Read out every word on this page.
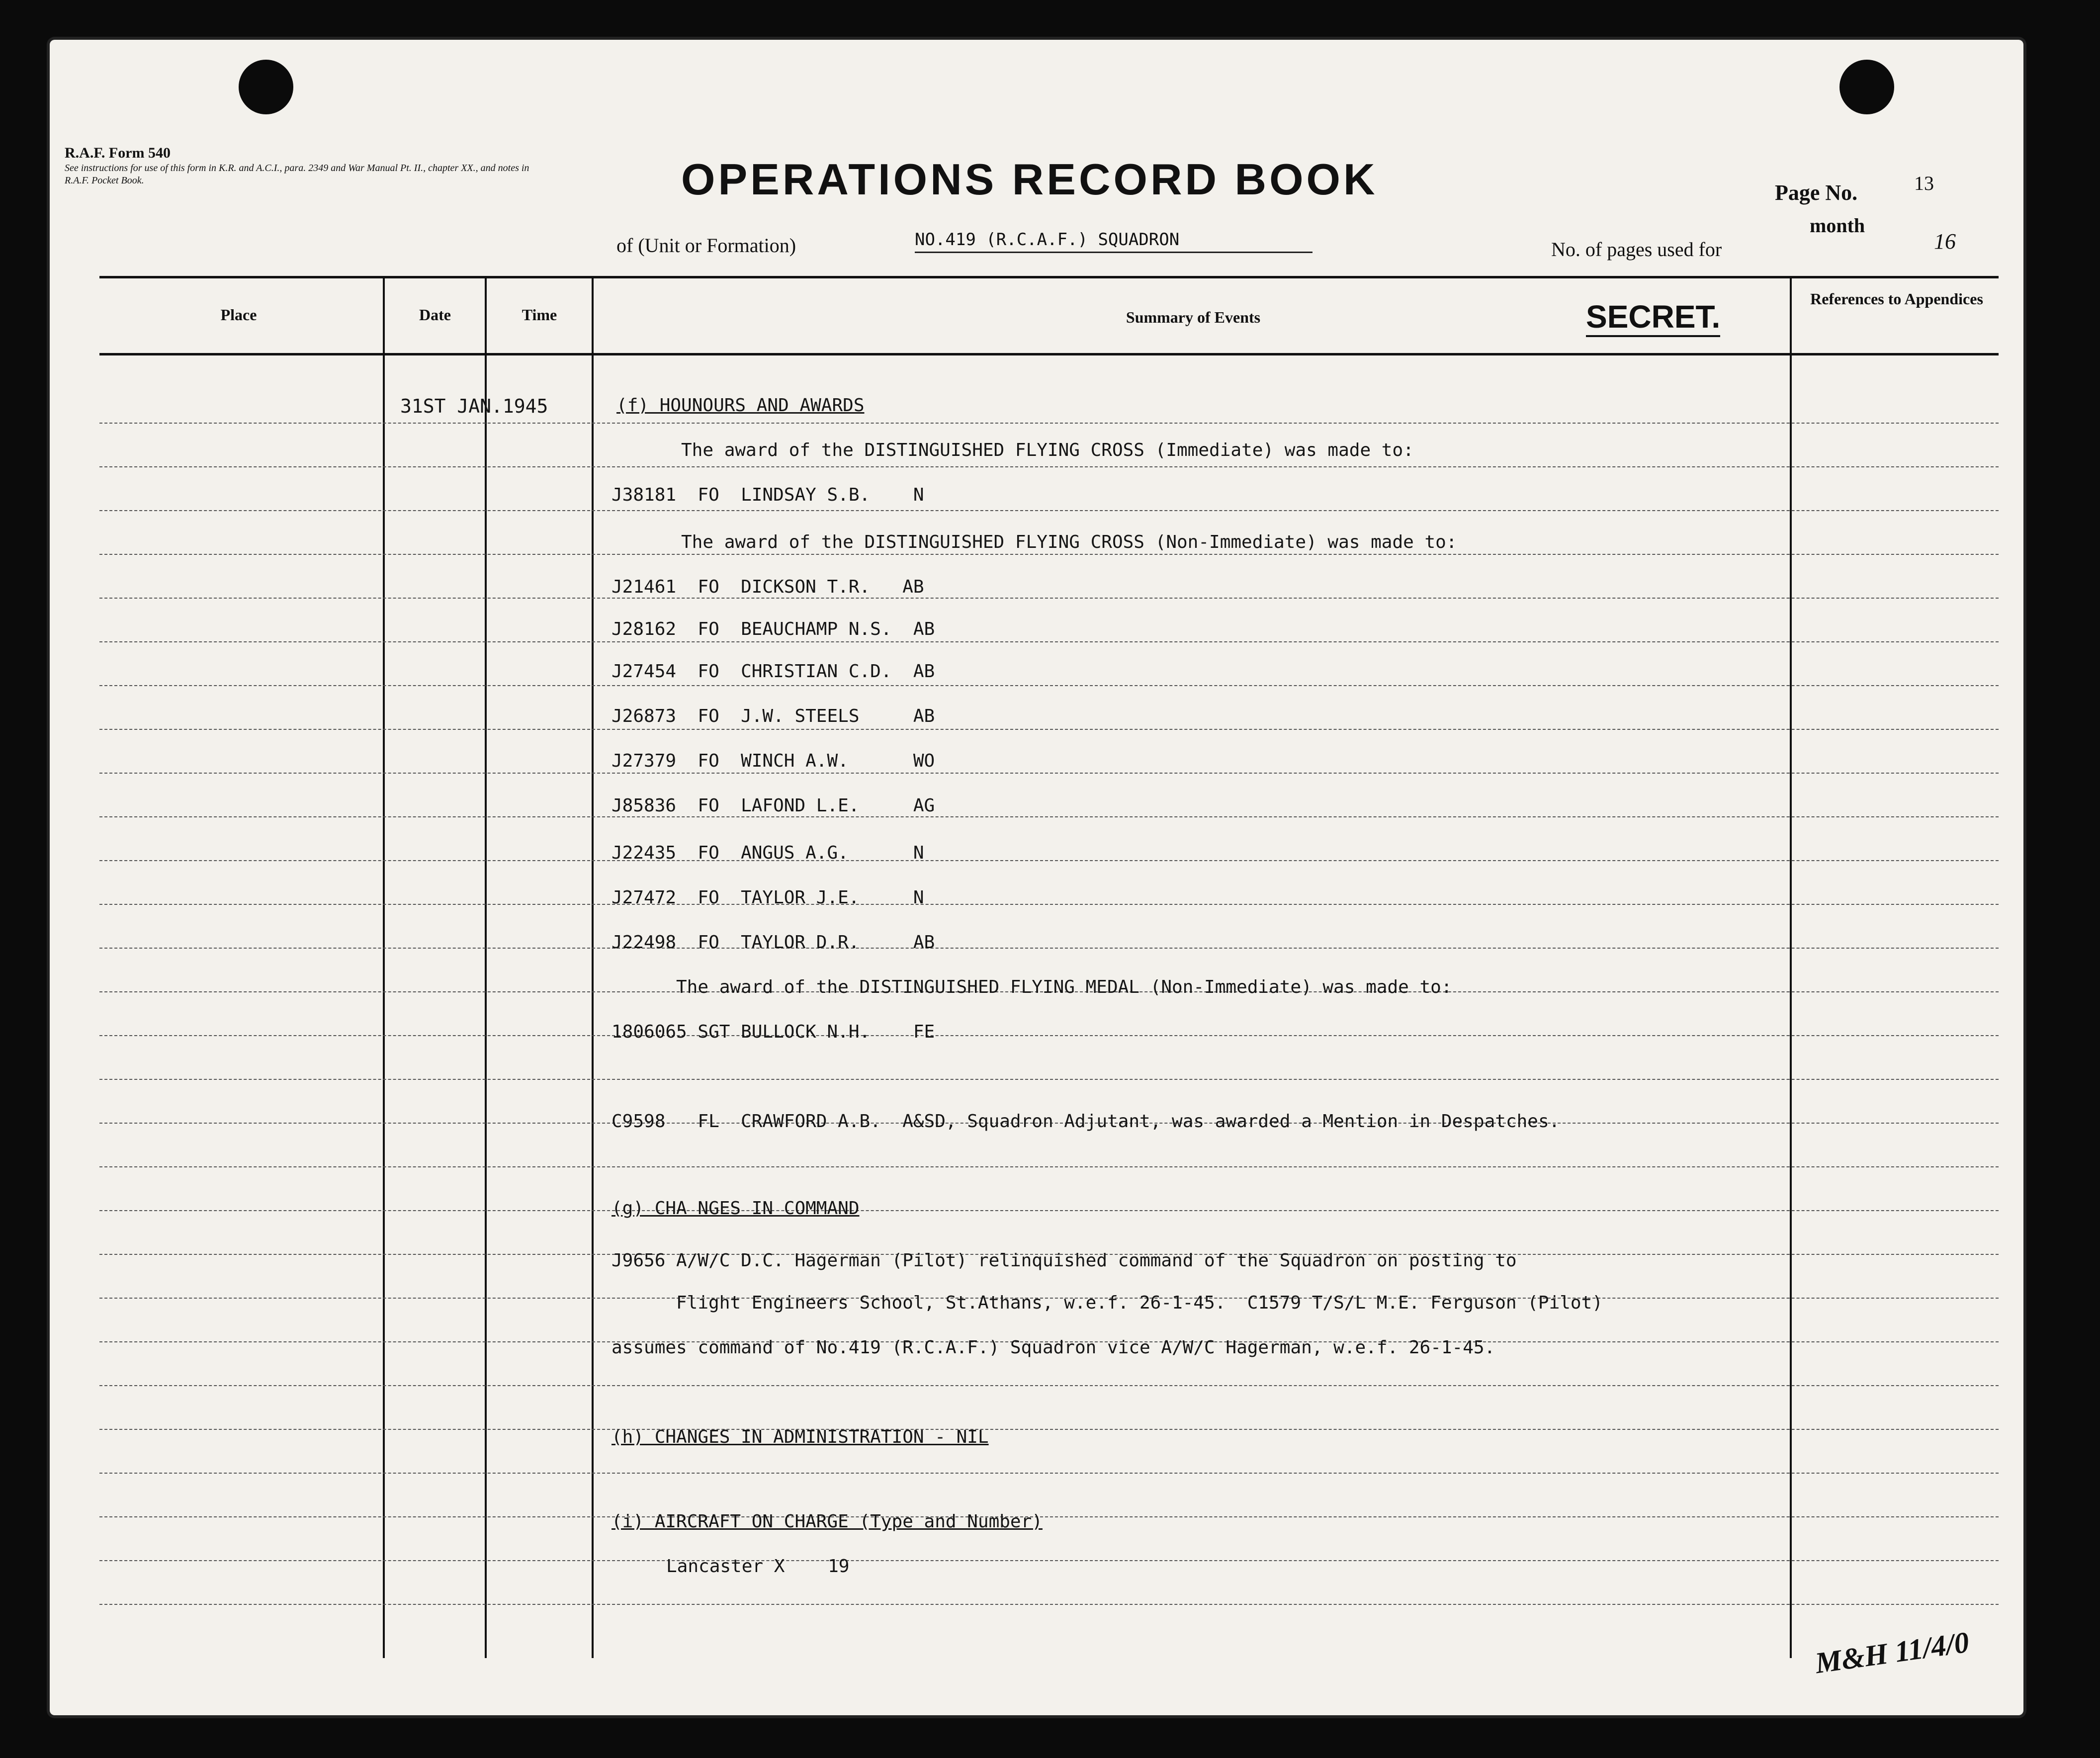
R.A.F. Form 540
See instructions for use of this form in K.R. and A.C.I., para. 2349 and War Manual Pt. II., chapter XX., and notes in R.A.F. Pocket Book.	OPERATIONS RECORD BOOK
of (Unit or Formation)	NO.419 (R.C.A.F.) SQUADRON
Page No.	13
month
No. of pages used for	16
Place	Date	Time	Summary of Events
References to Appendices
SECRET.
31ST JAN.1945	(f) HOUNOURS AND AWARDS
The award of the DISTINGUISHED FLYING CROSS (Immediate) was made to:
J38181  FO  LINDSAY S.B.    N
The award of the DISTINGUISHED FLYING CROSS (Non-Immediate) was made to:
J21461  FO  DICKSON T.R.   AB
J28162  FO  BEAUCHAMP N.S.  AB
J27454  FO  CHRISTIAN C.D.  AB
J26873  FO  J.W. STEELS     AB
J27379  FO  WINCH A.W.      WO
J85836  FO  LAFOND L.E.     AG
J22435  FO  ANGUS A.G.      N
J27472  FO  TAYLOR J.E.     N
J22498  FO  TAYLOR D.R.     AB
The award of the DISTINGUISHED FLYING MEDAL (Non-Immediate) was made to:
1806065 SGT BULLOCK N.H.    FE
C9598   FL  CRAWFORD A.B.  A&SD, Squadron Adjutant, was awarded a Mention in Despatches.
(g) CHA NGES IN COMMAND
J9656 A/W/C D.C. Hagerman (Pilot) relinquished command of the Squadron on posting to
Flight Engineers School, St.Athans, w.e.f. 26-1-45.  C1579 T/S/L M.E. Ferguson (Pilot)
assumes command of No.419 (R.C.A.F.) Squadron vice A/W/C Hagerman, w.e.f. 26-1-45.
(h) CHANGES IN ADMINISTRATION - NIL
(i) AIRCRAFT ON CHARGE (Type and Number)
Lancaster X    19
M&H 11/4/0
